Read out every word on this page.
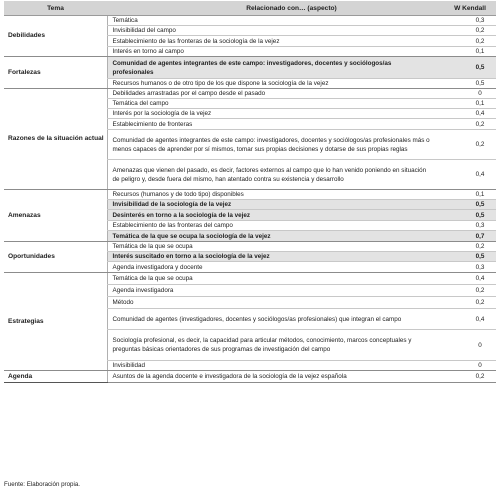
Tema	Relacionado con… (aspecto)	W Kendall
Debilidades	Temática	0,3
	Invisibilidad del campo	0,2
	Establecimiento de las fronteras de la sociología de la vejez	0,2
	Interés en torno al campo	0,1
Fortalezas	Comunidad de agentes integrantes de este campo: investigadores, docentes y sociólogos/as profesionales	0,5
	Recursos humanos o de otro tipo de los que dispone la sociología de la vejez	0,5
Razones de la situación actual	Debilidades arrastradas por el campo desde el pasado	0
	Temática del campo	0,1
	Interés por la sociología de la vejez	0,4
	Establecimiento de fronteras	0,2
	Comunidad de agentes integrantes de este campo: investigadores, docentes y sociólogos/as profesionales más o menos capaces de aprender por sí mismos, tomar sus propias decisiones y dotarse de sus propias reglas	0,2
	Amenazas que vienen del pasado, es decir, factores externos al campo que lo han venido poniendo en situación de peligro y, desde fuera del mismo, han atentado contra su existencia y desarrollo	0,4
Amenazas	Recursos (humanos y de todo tipo) disponibles	0,1
	Invisibilidad de la sociología de la vejez	0,5
	Desinterés en torno a la sociología de la vejez	0,5
	Establecimiento de las fronteras del campo	0,3
	Temática de la que se ocupa la sociología de la vejez	0,7
Oportunidades	Temática de la que se ocupa	0,2
	Interés suscitado en torno a la sociología de la vejez	0,5
	Agenda investigadora y docente	0,3
Estrategias	Temática de la que se ocupa	0,4
	Agenda investigadora	0,2
	Método	0,2
	Comunidad de agentes (investigadores, docentes y sociólogos/as profesionales) que integran el campo	0,4
	Sociología profesional, es decir, la capacidad para articular métodos, conocimiento, marcos conceptuales y preguntas básicas orientadores de sus programas de investigación del campo	0
	Invisibilidad	0
Agenda	Asuntos de la agenda docente e investigadora de la sociología de la vejez española	0,2
Fuente: Elaboración propia.
